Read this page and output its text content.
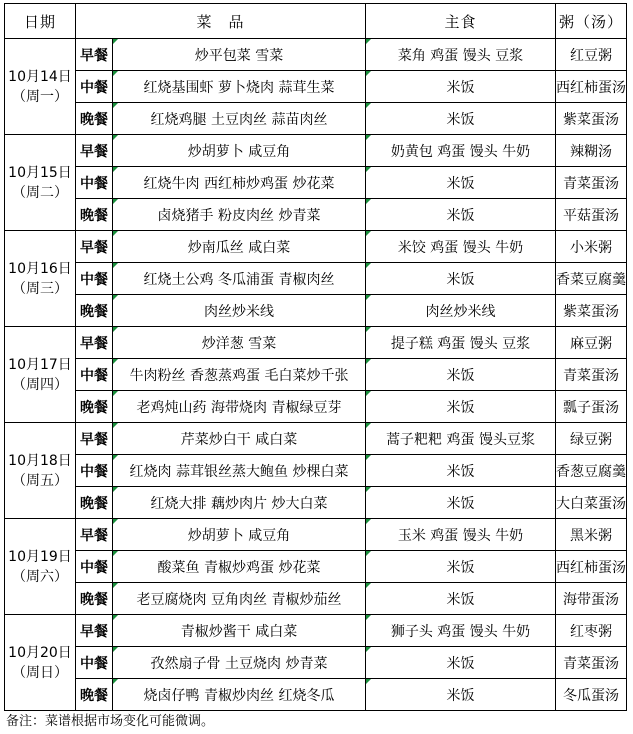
日期	菜　品		主食	粥（汤）

10月14日
（周一）	早餐	炒平包菜 雪菜	菜角 鸡蛋 馒头 豆浆	红豆粥
	中餐	红烧基围虾 萝卜烧肉 蒜茸生菜	米饭	西红柿蛋汤
	晚餐	红烧鸡腿 土豆肉丝 蒜苗肉丝	米饭	紫菜蛋汤

10月15日
（周二）	早餐	炒胡萝卜 咸豆角	奶黄包 鸡蛋 馒头 牛奶	辣糊汤
	中餐	红烧牛肉 西红柿炒鸡蛋 炒花菜	米饭	青菜蛋汤
	晚餐	卤烧猪手 粉皮肉丝 炒青菜	米饭	平菇蛋汤

10月16日
（周三）	早餐	炒南瓜丝 咸白菜	米饺 鸡蛋 馒头 牛奶	小米粥
	中餐	红烧土公鸡 冬瓜浦蛋 青椒肉丝	米饭	香菜豆腐羹
	晚餐	肉丝炒米线	肉丝炒米线	紫菜蛋汤

10月17日
（周四）	早餐	炒洋葱 雪菜	提子糕 鸡蛋 馒头 豆浆	麻豆粥
	中餐	牛肉粉丝 香葱蒸鸡蛋 毛白菜炒千张	米饭	青菜蛋汤
	晚餐	老鸡炖山药 海带烧肉 青椒绿豆芽	米饭	瓢子蛋汤

10月18日
（周五）	早餐	芹菜炒白干 咸白菜	蒿子粑粑 鸡蛋 馒头豆浆	绿豆粥
	中餐	红烧肉 蒜茸银丝蒸大鲍鱼 炒棵白菜	米饭	香葱豆腐羹
	晚餐	红烧大排 藕炒肉片 炒大白菜	米饭	大白菜蛋汤

10月19日
（周六）	早餐	炒胡萝卜 咸豆角	玉米 鸡蛋 馒头 牛奶	黑米粥
	中餐	酸菜鱼 青椒炒鸡蛋 炒花菜	米饭	西红柿蛋汤
	晚餐	老豆腐烧肉 豆角肉丝 青椒炒茄丝	米饭	海带蛋汤

10月20日
（周日）	早餐	青椒炒酱干 咸白菜	狮子头 鸡蛋 馒头 牛奶	红枣粥
	中餐	孜然扇子骨 土豆烧肉 炒青菜	米饭	青菜蛋汤
	晚餐	烧卤仔鸭 青椒炒肉丝 红烧冬瓜	米饭	冬瓜蛋汤
备注：菜谱根据市场变化可能微调。
